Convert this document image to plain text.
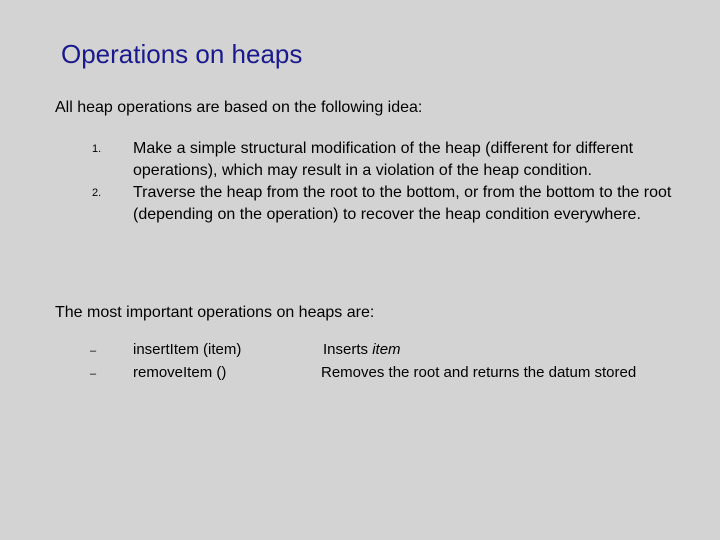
Operations on heaps
All heap operations are based on the following idea:
1. Make a simple structural modification of the heap (different for different operations), which may result in a violation of the heap condition.
2. Traverse the heap from the root to the bottom, or from the bottom to the root (depending on the operation) to recover the heap condition everywhere.
The most important operations on heaps are:
– insertItem (item)	Inserts item
– removeItem ()	Removes the root and returns the datum stored
